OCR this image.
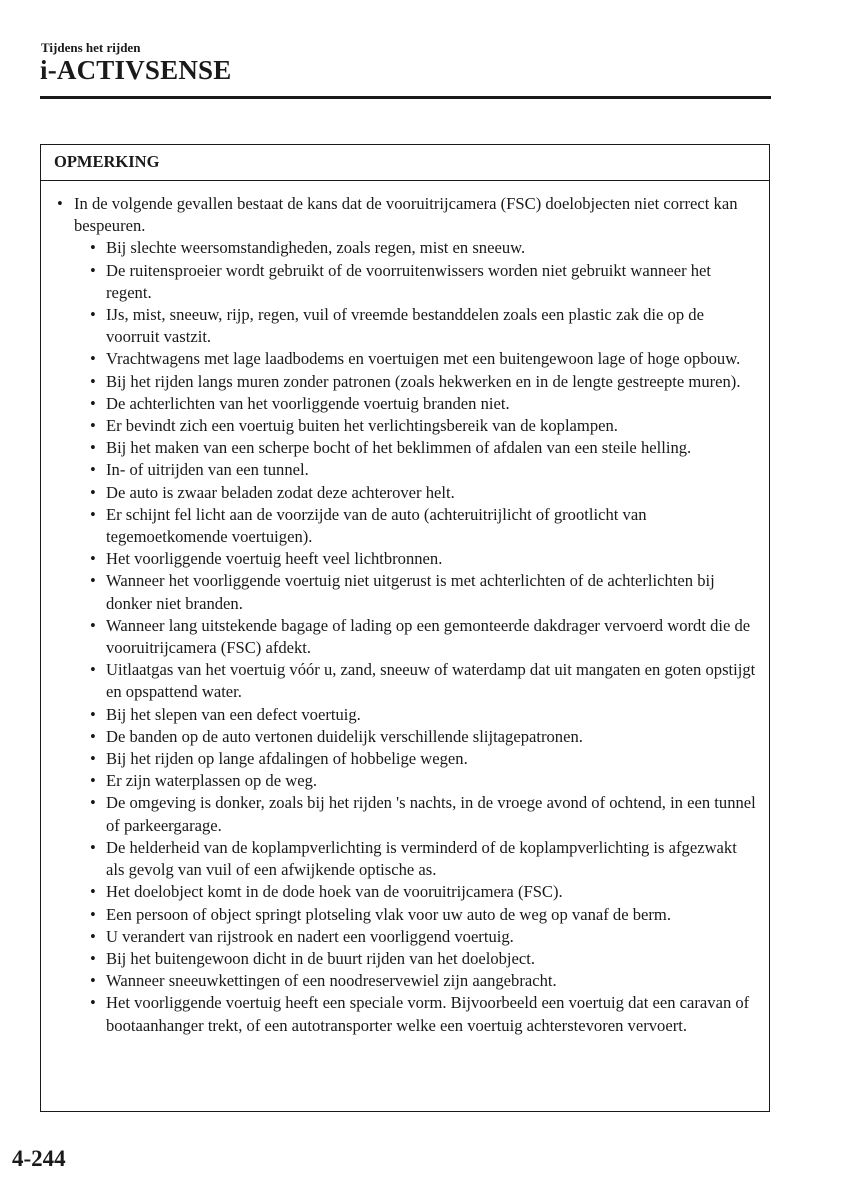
Tijdens het rijden
i-ACTIVSENSE
OPMERKING
• In de volgende gevallen bestaat de kans dat de vooruitrijcamera (FSC) doelobjecten niet correct kan bespeuren.
• Bij slechte weersomstandigheden, zoals regen, mist en sneeuw.
• De ruitensproeier wordt gebruikt of de voorruitenwissers worden niet gebruikt wanneer het regent.
• IJs, mist, sneeuw, rijp, regen, vuil of vreemde bestanddelen zoals een plastic zak die op de voorruit vastzit.
• Vrachtwagens met lage laadbodems en voertuigen met een buitengewoon lage of hoge opbouw.
• Bij het rijden langs muren zonder patronen (zoals hekwerken en in de lengte gestreepte muren).
• De achterlichten van het voorliggende voertuig branden niet.
• Er bevindt zich een voertuig buiten het verlichtingsbereik van de koplampen.
• Bij het maken van een scherpe bocht of het beklimmen of afdalen van een steile helling.
• In- of uitrijden van een tunnel.
• De auto is zwaar beladen zodat deze achterover helt.
• Er schijnt fel licht aan de voorzijde van de auto (achteruitrijlicht of grootlicht van tegemoetkomende voertuigen).
• Het voorliggende voertuig heeft veel lichtbronnen.
• Wanneer het voorliggende voertuig niet uitgerust is met achterlichten of de achterlichten bij donker niet branden.
• Wanneer lang uitstekende bagage of lading op een gemonteerde dakdrager vervoerd wordt die de vooruitrijcamera (FSC) afdekt.
• Uitlaatgas van het voertuig vóór u, zand, sneeuw of waterdamp dat uit mangaten en goten opstijgt en opspattend water.
• Bij het slepen van een defect voertuig.
• De banden op de auto vertonen duidelijk verschillende slijtagepatronen.
• Bij het rijden op lange afdalingen of hobbelige wegen.
• Er zijn waterplassen op de weg.
• De omgeving is donker, zoals bij het rijden 's nachts, in de vroege avond of ochtend, in een tunnel of parkeergarage.
• De helderheid van de koplampverlichting is verminderd of de koplampverlichting is afgezwakt als gevolg van vuil of een afwijkende optische as.
• Het doelobject komt in de dode hoek van de vooruitrijcamera (FSC).
• Een persoon of object springt plotseling vlak voor uw auto de weg op vanaf de berm.
• U verandert van rijstrook en nadert een voorliggend voertuig.
• Bij het buitengewoon dicht in de buurt rijden van het doelobject.
• Wanneer sneeuwkettingen of een noodreservewiel zijn aangebracht.
• Het voorliggende voertuig heeft een speciale vorm. Bijvoorbeeld een voertuig dat een caravan of bootaanhanger trekt, of een autotransporter welke een voertuig achterstevoren vervoert.
4-244
